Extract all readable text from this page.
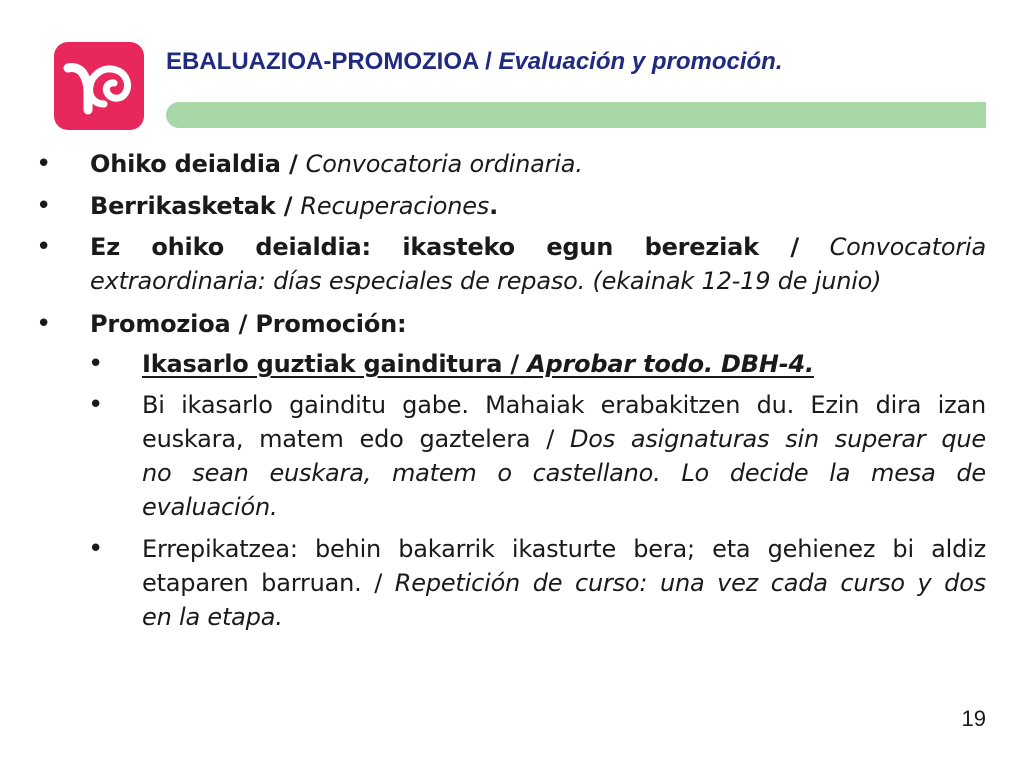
EBALUAZIOA-PROMOZIOA / Evaluación y promoción.
• Ohiko deialdia / Convocatoria ordinaria.
• Berrikasketak / Recuperaciones.
• Ez ohiko deialdia: ikasteko egun bereziak / Convocatoria
extraordinaria: días especiales de repaso. (ekainak 12-19 de junio)
• Promozioa / Promoción:
• Ikasarlo guztiak gainditura / Aprobar todo. DBH-4.
• Bi ikasarlo gainditu gabe. Mahaiak erabakitzen du. Ezin dira izan
euskara, matem edo gaztelera / Dos asignaturas sin superar que
no sean euskara, matem o castellano. Lo decide la mesa de
evaluación.
• Errepikatzea: behin bakarrik ikasturte bera; eta gehienez bi aldiz
etaparen barruan. / Repetición de curso: una vez cada curso y dos
en la etapa.
19
